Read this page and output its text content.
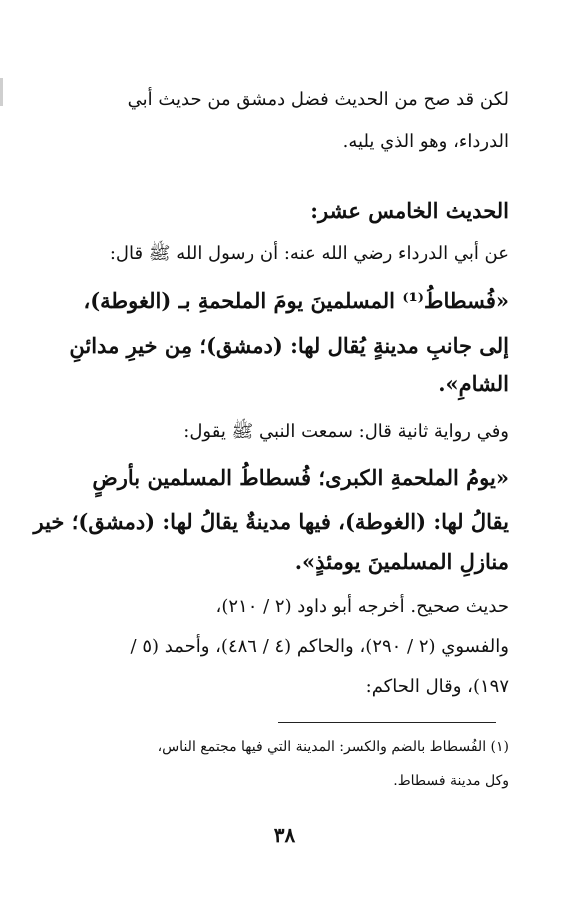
لكن قد صح من الحديث فضل دمشق من حديث أبي
الدرداء، وهو الذي يليه.
الحديث الخامس عشر:
عن أبي الدرداء رضي الله عنه: أن رسول الله ﷺ قال:
«فُسطاطُ⁽¹⁾ المسلمينَ يومَ الملحمةِ بـ (الغوطة)،
إلى جانبِ مدينةٍ يُقال لها: (دمشق)؛ مِن خيرِ مدائنِ
الشامِ».
وفي رواية ثانية قال: سمعت النبي ﷺ يقول:
«يومُ الملحمةِ الكبرى؛ فُسطاطُ المسلمين بأرضٍ
يقالُ لها: (الغوطة)، فيها مدينةٌ يقالُ لها: (دمشق)؛ خير
منازلِ المسلمينَ يومئذٍ».
حديث صحيح. أخرجه أبو داود (٢ / ٢١٠)،
والفسوي (٢ / ٢٩٠)، والحاكم (٤ / ٤٨٦)، وأحمد (٥ /
١٩٧)، وقال الحاكم:
(١) الفُسطاط بالضم والكسر: المدينة التي فيها مجتمع الناس،
وكل مدينة فسطاط.
٣٨
